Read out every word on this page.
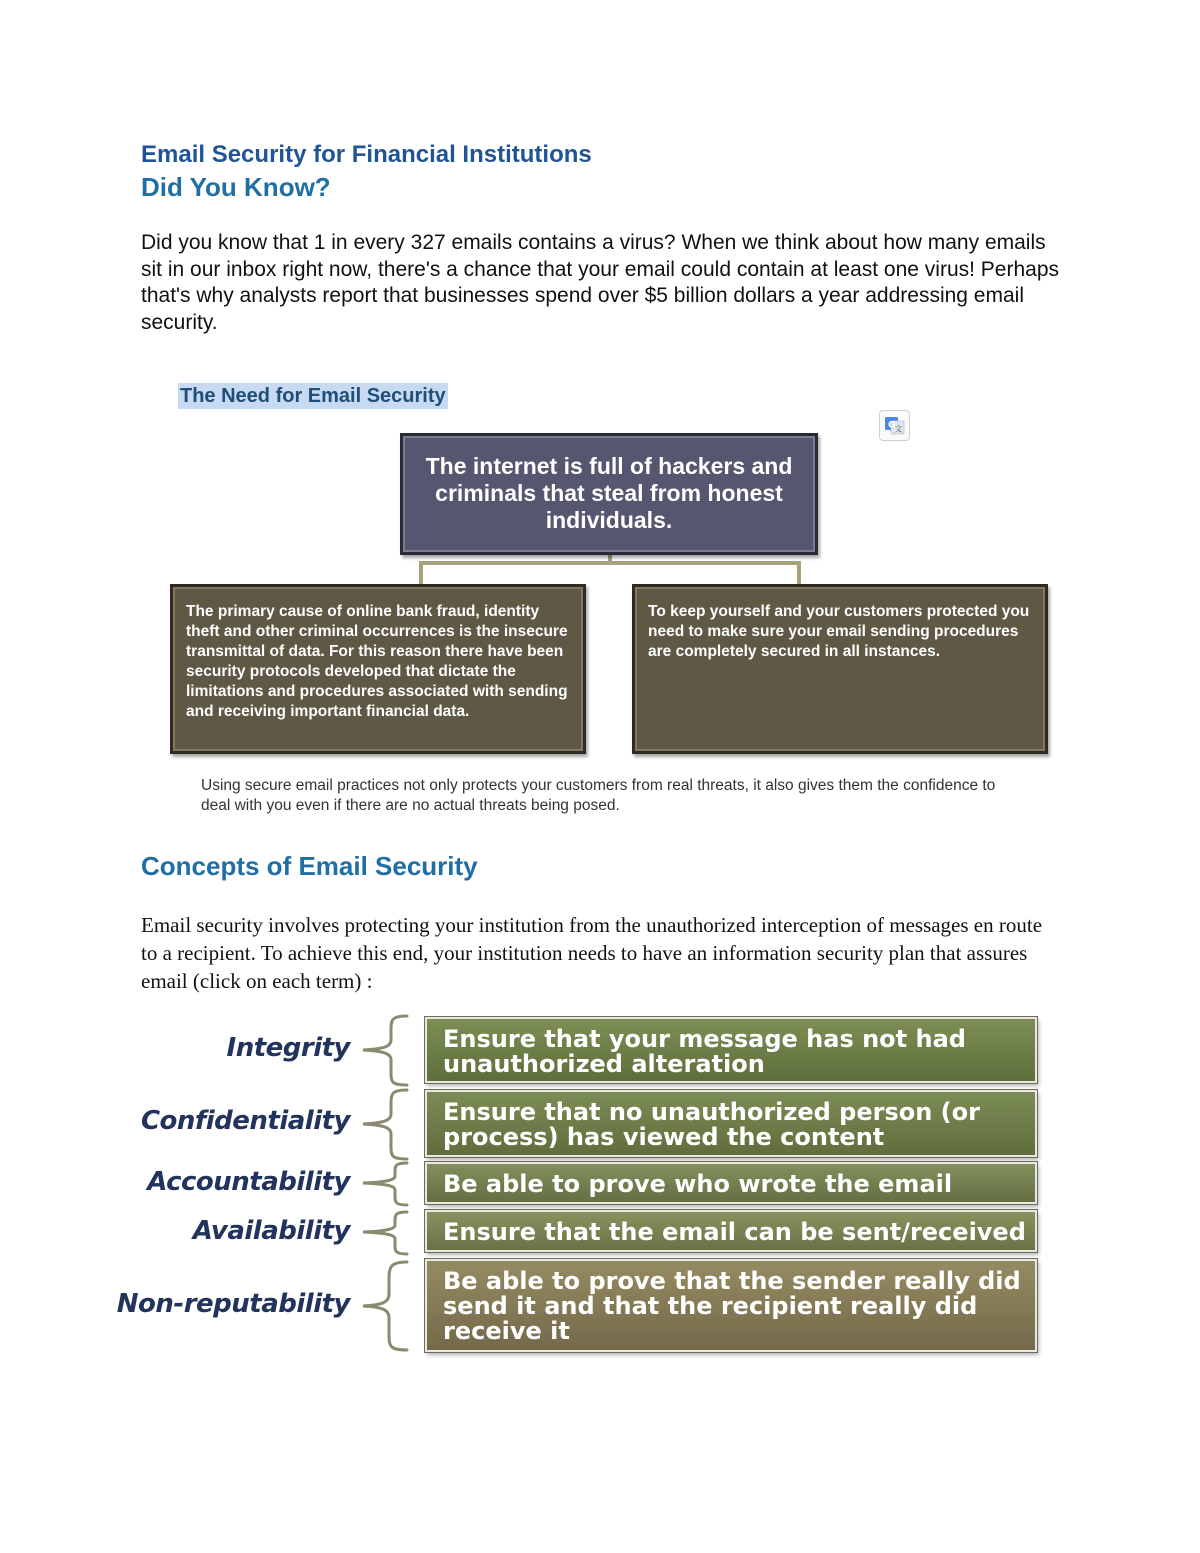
Email Security for Financial Institutions
Did You Know?

Did you know that 1 in every 327 emails contains a virus? When we think about how many emails sit in our inbox right now, there's a chance that your email could contain at least one virus! Perhaps that's why analysts report that businesses spend over $5 billion dollars a year addressing email security.

The Need for Email Security
G 文
The internet is full of hackers and criminals that steal from honest individuals.
The primary cause of online bank fraud, identity theft and other criminal occurrences is the insecure transmittal of data. For this reason there have been security protocols developed that dictate the limitations and procedures associated with sending and receiving important financial data.
To keep yourself and your customers protected you need to make sure your email sending procedures are completely secured in all instances.

Using secure email practices not only protects your customers from real threats, it also gives them the confidence to deal with you even if there are no actual threats being posed.

Concepts of Email Security

Email security involves protecting your institution from the unauthorized interception of messages en route to a recipient. To achieve this end, your institution needs to have an information security plan that assures email (click on each term) :

Integrity
Confidentiality
Accountability
Availability
Non-reputability
Ensure that your message has not had unauthorized alteration
Ensure that no unauthorized person (or process) has viewed the content
Be able to prove who wrote the email
Ensure that the email can be sent/received
Be able to prove that the sender really did send it and that the recipient really did receive it
